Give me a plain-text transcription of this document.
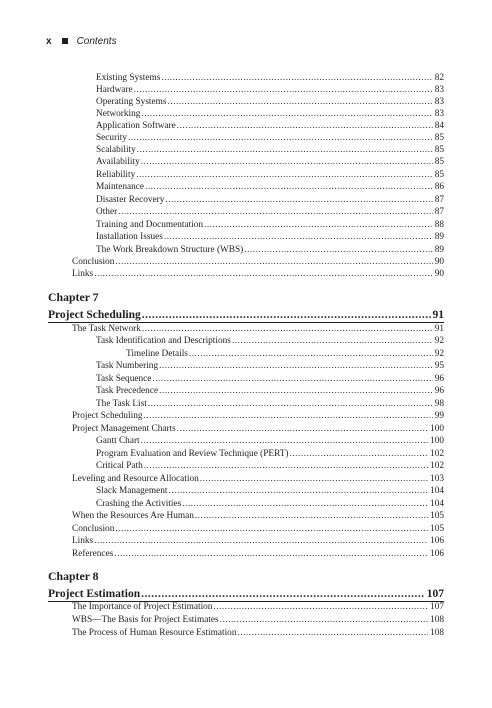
x	Contents
Existing Systems .....	82
Hardware .....	83
Operating Systems .....	83
Networking .....	83
Application Software .....	84
Security .....	85
Scalability .....	85
Availability .....	85
Reliability .....	85
Maintenance .....	86
Disaster Recovery .....	87
Other .....	87
Training and Documentation .....	88
Installation Issues .....	89
The Work Breakdown Structure (WBS) .....	89
Conclusion .....	90
Links .....	90
Chapter 7
Project Scheduling .....	91
The Task Network .....	91
Task Identification and Descriptions .....	92
Timeline Details .....	92
Task Numbering .....	95
Task Sequence .....	96
Task Precedence .....	96
The Task List .....	98
Project Scheduling .....	99
Project Management Charts .....	100
Gantt Chart .....	100
Program Evaluation and Review Technique (PERT) .....	102
Critical Path .....	102
Leveling and Resource Allocation .....	103
Slack Management .....	104
Crashing the Activities .....	104
When the Resources Are Human .....	105
Conclusion .....	105
Links .....	106
References .....	106
Chapter 8
Project Estimation .....	107
The Importance of Project Estimation .....	107
WBS—The Basis for Project Estimates .....	108
The Process of Human Resource Estimation .....	108
